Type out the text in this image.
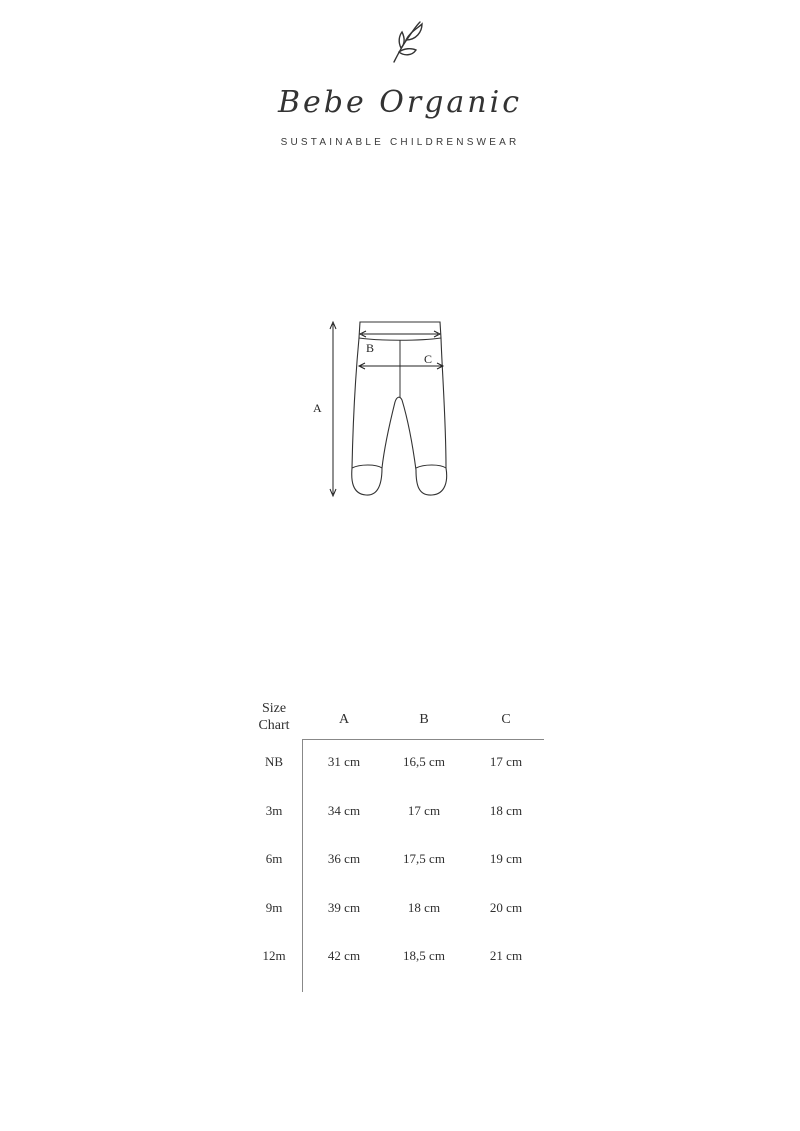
Bebe Organic
SUSTAINABLE CHILDRENSWEAR
A
B
C
Size
Chart	A	B	C
NB	31 cm	16,5 cm	17 cm
3m	34 cm	17 cm	18 cm
6m	36 cm	17,5 cm	19 cm
9m	39 cm	18 cm	20 cm
12m	42 cm	18,5 cm	21 cm
